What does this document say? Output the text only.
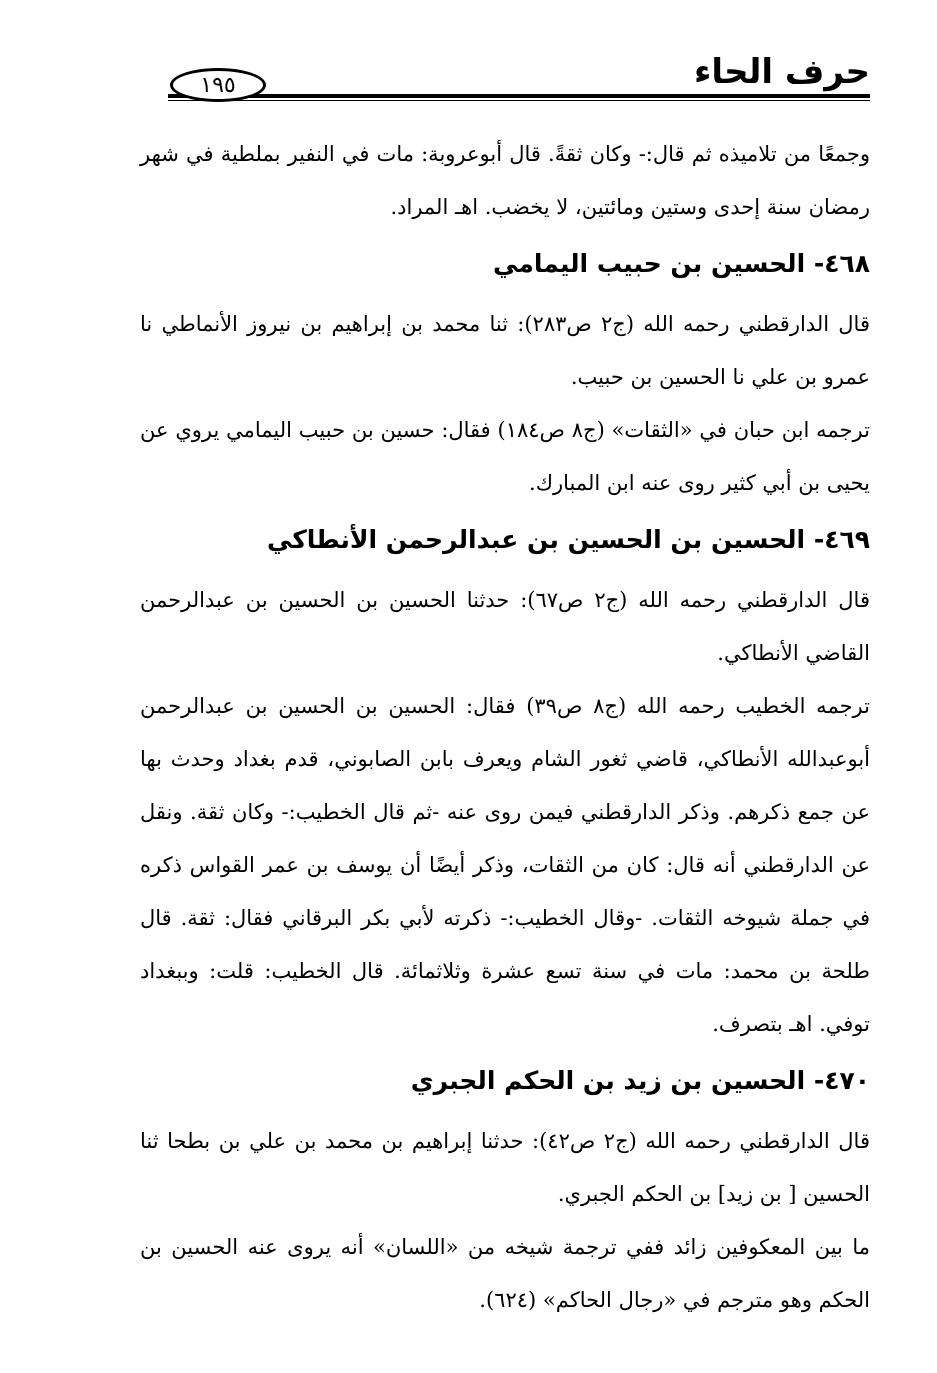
حرف الحاء
١٩٥

وجمعًا من تلاميذه ثم قال:- وكان ثقةً. قال أبوعروبة: مات في النفير بملطية في شهر رمضان سنة إحدى وستين ومائتين، لا يخضب. اهـ المراد.

٤٦٨- الحسين بن حبيب اليمامي

قال الدارقطني رحمه الله (ج٢ ص٢٨٣): ثنا محمد بن إبراهيم بن نيروز الأنماطي نا عمرو بن علي نا الحسين بن حبيب.

ترجمه ابن حبان في «الثقات» (ج٨ ص١٨٤) فقال: حسين بن حبيب اليمامي يروي عن يحيى بن أبي كثير روى عنه ابن المبارك.

٤٦٩- الحسين بن الحسين بن عبدالرحمن الأنطاكي

قال الدارقطني رحمه الله (ج٢ ص٦٧): حدثنا الحسين بن الحسين بن عبدالرحمن القاضي الأنطاكي.

ترجمه الخطيب رحمه الله (ج٨ ص٣٩) فقال: الحسين بن الحسين بن عبدالرحمن أبوعبدالله الأنطاكي، قاضي ثغور الشام ويعرف بابن الصابوني، قدم بغداد وحدث بها عن جمع ذكرهم. وذكر الدارقطني فيمن روى عنه -ثم قال الخطيب:- وكان ثقة. ونقل عن الدارقطني أنه قال: كان من الثقات، وذكر أيضًا أن يوسف بن عمر القواس ذكره في جملة شيوخه الثقات. -وقال الخطيب:- ذكرته لأبي بكر البرقاني فقال: ثقة. قال طلحة بن محمد: مات في سنة تسع عشرة وثلاثمائة. قال الخطيب: قلت: وببغداد توفي. اهـ بتصرف.

٤٧٠- الحسين بن زيد بن الحكم الجبري

قال الدارقطني رحمه الله (ج٢ ص٤٢): حدثنا إبراهيم بن محمد بن علي بن بطحا ثنا الحسين [ بن زيد] بن الحكم الجبري.

ما بين المعكوفين زائد ففي ترجمة شيخه من «اللسان» أنه يروى عنه الحسين بن الحكم وهو مترجم في «رجال الحاكم» (٦٢٤).
